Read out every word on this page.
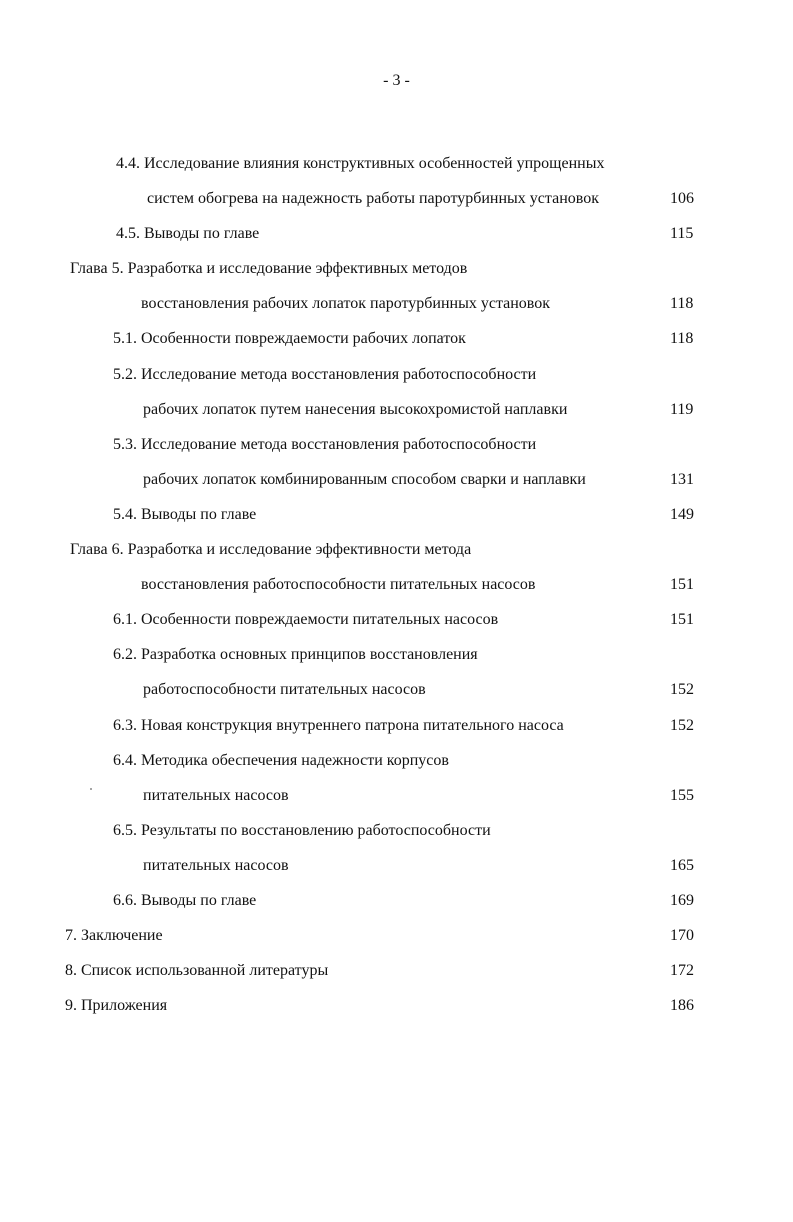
- 3 -
4.4. Исследование влияния конструктивных особенностей упрощенных
систем обогрева на надежность работы паротурбинных установок	106
4.5. Выводы по главе	115
Глава 5. Разработка и исследование эффективных методов
восстановления рабочих лопаток паротурбинных установок	118
5.1. Особенности повреждаемости рабочих лопаток	118
5.2. Исследование метода восстановления работоспособности
рабочих лопаток путем нанесения высокохромистой наплавки	119
5.3. Исследование метода восстановления работоспособности
рабочих лопаток комбинированным способом сварки и наплавки	131
5.4. Выводы по главе	149
Глава 6. Разработка и исследование эффективности метода
восстановления работоспособности питательных насосов	151
6.1. Особенности повреждаемости питательных насосов	151
6.2. Разработка основных принципов восстановления
работоспособности питательных насосов	152
6.3. Новая конструкция внутреннего патрона питательного насоса	152
6.4. Методика обеспечения надежности корпусов
питательных насосов	155
6.5. Результаты по восстановлению работоспособности
питательных насосов	165
6.6. Выводы по главе	169
7. Заключение	170
8. Список использованной литературы	172
9. Приложения	186
